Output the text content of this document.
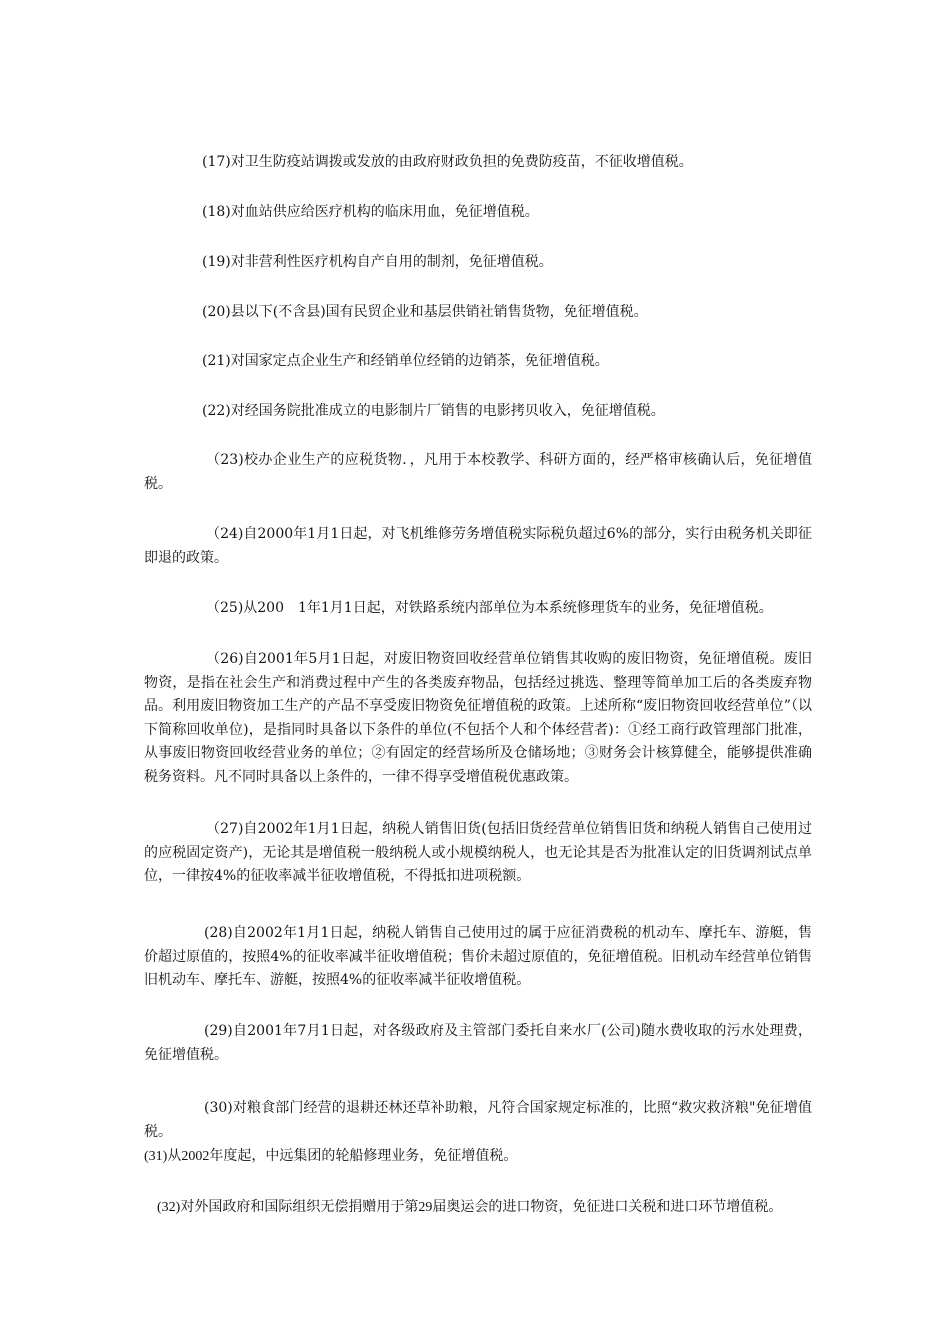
(17)对卫生防疫站调拨或发放的由政府财政负担的免费防疫苗，不征收增值税。
(18)对血站供应给医疗机构的临床用血，免征增值税。
(19)对非营利性医疗机构自产自用的制剂，免征增值税。
(20)县以下(不含县)国有民贸企业和基层供销社销售货物，免征增值税。
(21)对国家定点企业生产和经销单位经销的边销茶，免征增值税。
(22)对经国务院批准成立的电影制片厂销售的电影拷贝收入，免征增值税。
（23)校办企业生产的应税货物．，凡用于本校教学、科研方面的，经严格审核确认后，免征增值税。
（24)自2000年1月1日起，对飞机维修劳务增值税实际税负超过6%的部分，实行由税务机关即征即退的政策。
（25)从200　1年1月1日起，对铁路系统内部单位为本系统修理货车的业务，免征增值税。
（26)自2001年5月1日起，对废旧物资回收经营单位销售其收购的废旧物资，免征增值税。废旧物资，是指在社会生产和消费过程中产生的各类废弃物品，包括经过挑选、整理等简单加工后的各类废弃物品。利用废旧物资加工生产的产品不享受废旧物资免征增值税的政策。上述所称“废旧物资回收经营单位”（以下简称回收单位)，是指同时具备以下条件的单位(不包括个人和个体经营者)：①经工商行政管理部门批准，从事废旧物资回收经营业务的单位；②有固定的经营场所及仓储场地；③财务会计核算健全，能够提供准确税务资料。凡不同时具备以上条件的，一律不得享受增值税优惠政策。
（27)自2002年1月1日起，纳税人销售旧货(包括旧货经营单位销售旧货和纳税人销售自己使用过的应税固定资产)，无论其是增值税一般纳税人或小规模纳税人，也无论其是否为批准认定的旧货调剂试点单位，一律按4%的征收率减半征收增值税，不得抵扣进项税额。
(28)自2002年1月1日起，纳税人销售自己使用过的属于应征消费税的机动车、摩托车、游艇，售价超过原值的，按照4%的征收率减半征收增值税；售价未超过原值的，免征增值税。旧机动车经营单位销售旧机动车、摩托车、游艇，按照4%的征收率减半征收增值税。
(29)自2001年7月1日起，对各级政府及主管部门委托自来水厂(公司)随水费收取的污水处理费，免征增值税。
(30)对粮食部门经营的退耕还林还草补助粮，凡符合国家规定标准的，比照“救灾救济粮"免征增值税。
(31)从2002年度起，中远集团的轮船修理业务，免征增值税。
(32)对外国政府和国际组织无偿捐赠用于第29届奥运会的进口物资，免征进口关税和进口环节增值税。
